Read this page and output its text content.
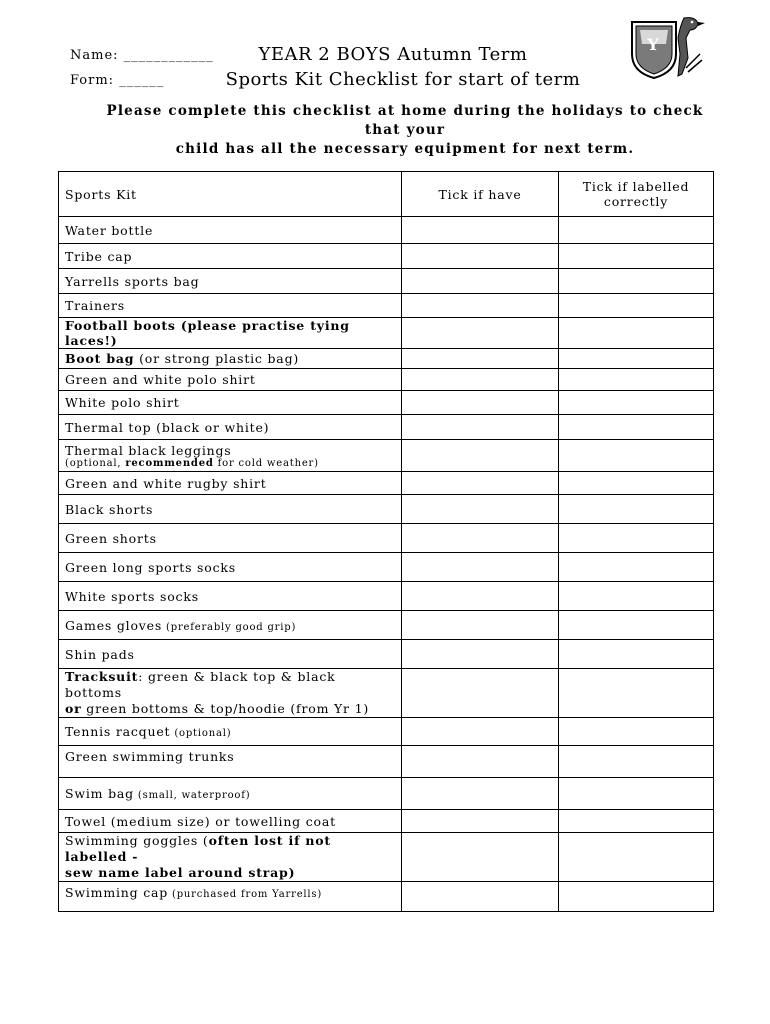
Name: ____________
Form: ______
YEAR 2 BOYS Autumn Term
Sports Kit Checklist for start of term
Please complete this checklist at home during the holidays to check that your
child has all the necessary equipment for next term.
Y
Sports Kit	Tick if have	Tick if labelled correctly
Water bottle		
Tribe cap		
Yarrells sports bag		
Trainers		
Football boots (please practise tying laces!)		
Boot bag (or strong plastic bag)		
Green and white polo shirt		
White polo shirt		
Thermal top (black or white)		

Thermal black leggings
(optional, recommended for cold weather)		

Green and white rugby shirt		
Black shorts		
Green shorts		
Green long sports socks		
White sports socks		
Games gloves (preferably good grip)		
Shin pads		

Tracksuit: green & black top & black bottoms
or green bottoms & top/hoodie (from Yr 1)		

Tennis racquet (optional)		
Green swimming trunks		
Swim bag (small, waterproof)		
Towel (medium size) or towelling coat		

Swimming goggles (often lost if not labelled -
sew name label around strap)		

Swimming cap (purchased from Yarrells)		
